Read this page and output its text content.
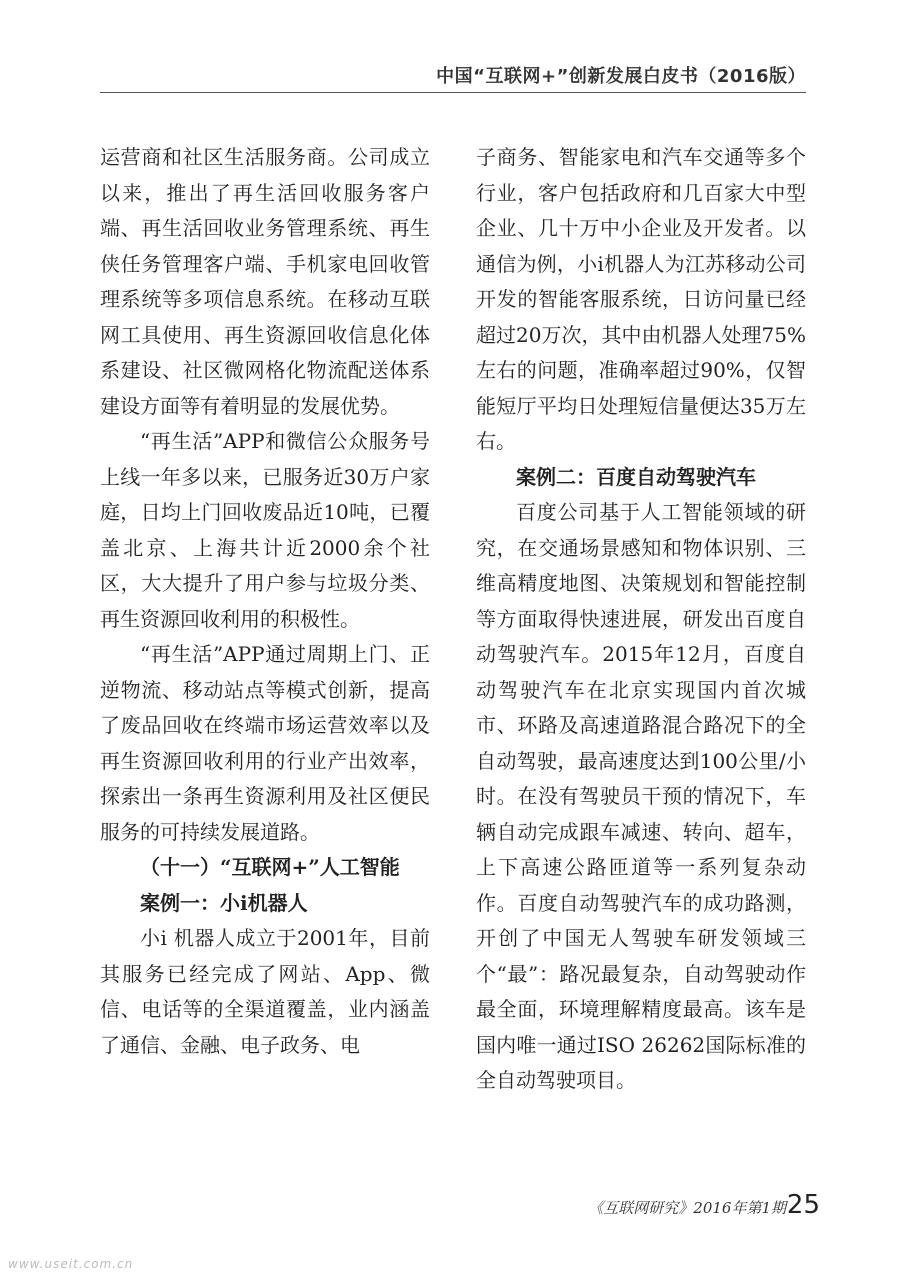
中国“互联网+”创新发展白皮书（2016版）

运营商和社区生活服务商。公司成立以来，推出了再生活回收服务客户端、再生活回收业务管理系统、再生侠任务管理客户端、手机家电回收管理系统等多项信息系统。在移动互联网工具使用、再生资源回收信息化体系建设、社区微网格化物流配送体系建设方面等有着明显的发展优势。

“再生活”APP和微信公众服务号上线一年多以来，已服务近30万户家庭，日均上门回收废品近10吨，已覆盖北京、上海共计近2000余个社区，大大提升了用户参与垃圾分类、再生资源回收利用的积极性。

“再生活”APP通过周期上门、正逆物流、移动站点等模式创新，提高了废品回收在终端市场运营效率以及再生资源回收利用的行业产出效率，探索出一条再生资源利用及社区便民服务的可持续发展道路。

（十一）“互联网+”人工智能

案例一：小i机器人

小i 机器人成立于2001年，目前其服务已经完成了网站、App、微信、电话等的全渠道覆盖，业内涵盖了通信、金融、电子政务、电

子商务、智能家电和汽车交通等多个行业，客户包括政府和几百家大中型企业、几十万中小企业及开发者。以通信为例，小i机器人为江苏移动公司开发的智能客服系统，日访问量已经超过20万次，其中由机器人处理75%左右的问题，准确率超过90%，仅智能短厅平均日处理短信量便达35万左右。

案例二：百度自动驾驶汽车

百度公司基于人工智能领域的研究，在交通场景感知和物体识别、三维高精度地图、决策规划和智能控制等方面取得快速进展，研发出百度自动驾驶汽车。2015年12月，百度自动驾驶汽车在北京实现国内首次城市、环路及高速道路混合路况下的全自动驾驶，最高速度达到100公里/小时。在没有驾驶员干预的情况下，车辆自动完成跟车减速、转向、超车，上下高速公路匝道等一系列复杂动作。百度自动驾驶汽车的成功路测，开创了中国无人驾驶车研发领域三个“最”：路况最复杂，自动驾驶动作最全面，环境理解精度最高。该车是国内唯一通过ISO 26262国际标准的全自动驾驶项目。

《互联网研究》2016年第1期 25
www.useit.com.cn
